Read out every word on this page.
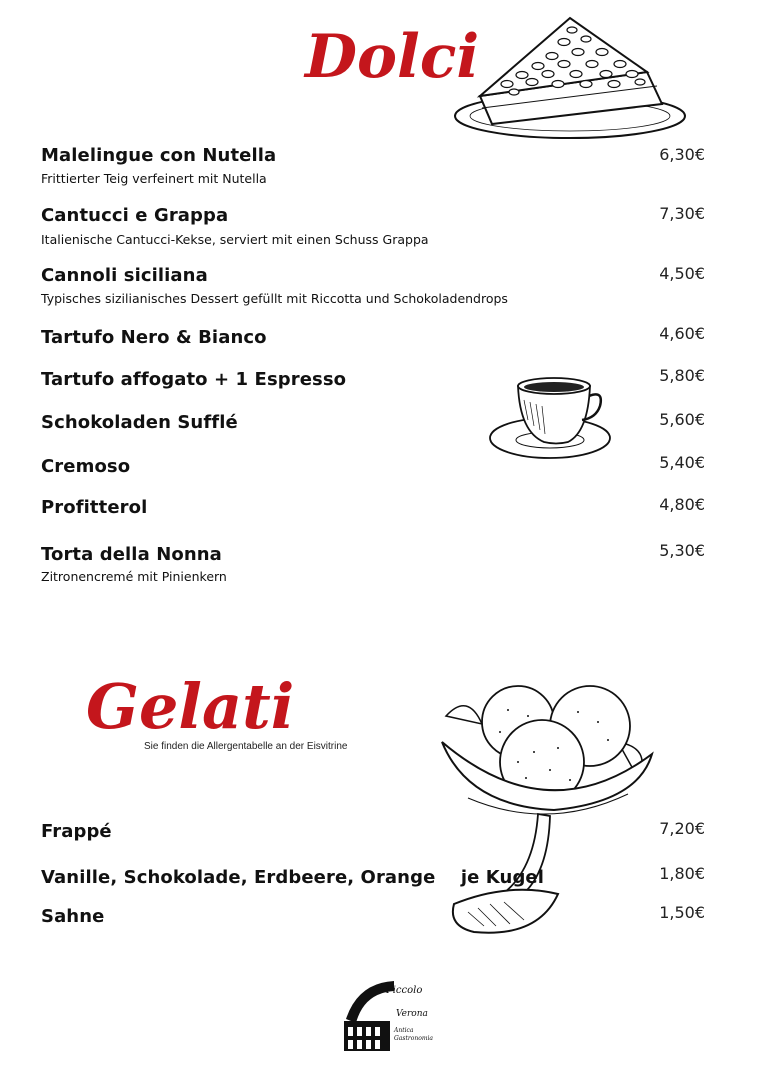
Dolci
Malelingue con Nutella
Frittierter Teig verfeinert mit Nutella
6,30€
Cantucci e Grappa
Italienische Cantucci-Kekse, serviert mit einen Schuss Grappa
7,30€
Cannoli siciliana
Typisches sizilianisches Dessert gefüllt mit Riccotta und Schokoladendrops
4,50€
Tartufo Nero & Bianco	4,60€
Tartufo affogato + 1 Espresso	5,80€
Schokoladen Sufflé	5,60€
Cremoso	5,40€
Profitterol	4,80€
Torta della Nonna
Zitronencremé mit Pinienkern
5,30€
Gelati
Sie finden die Allergentabelle an der Eisvitrine
Frappé	7,20€
Vanille, Schokolade, Erdbeere, Orange    je Kugel	1,80€
Sahne	1,50€
Piccolo
Verona
Antica Gastronomia
